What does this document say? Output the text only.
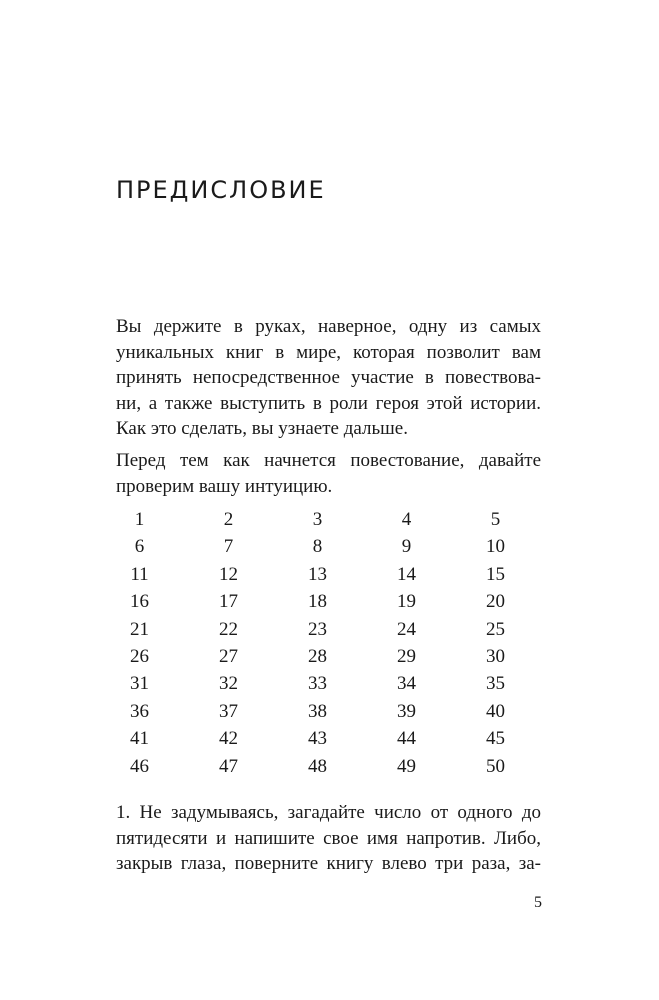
ПРЕДИСЛОВИЕ

Вы держите в руках, наверное, одну из самых
уникальных книг в мире, которая позволит вам
принять непосредственное участие в повествова-
ни, а также выступить в роли героя этой истории.
Как это сделать, вы узнаете дальше.

Перед тем как начнется повестование, давайте
проверим вашу интуицию.

1	2	3	4	5
6	7	8	9	10
11	12	13	14	15
16	17	18	19	20
21	22	23	24	25
26	27	28	29	30
31	32	33	34	35
36	37	38	39	40
41	42	43	44	45
46	47	48	49	50

1. Не задумываясь, загадайте число от одного до
пятидесяти и напишите свое имя напротив. Либо,
закрыв глаза, поверните книгу влево три раза, за-

5
